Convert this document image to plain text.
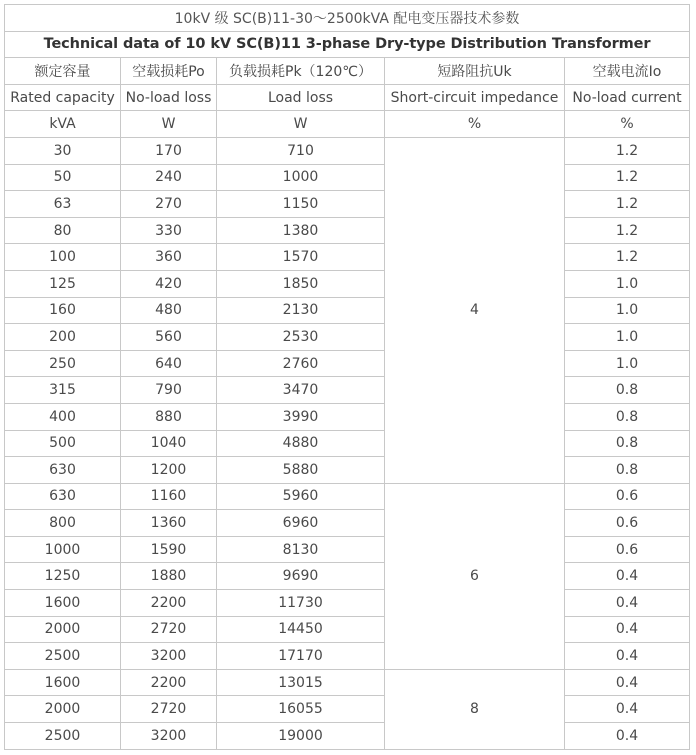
10kV 级 SC(B)11-30～2500kVA 配电变压器技术参数				
Technical data of 10 kV SC(B)11 3-phase Dry-type Distribution Transformer				
额定容量	空载损耗Po	负载损耗Pk（120℃）	短路阻抗Uk	空载电流Io
Rated capacity	No-load loss	Load loss	Short-circuit impedance	No-load current
kVA	W	W	%	%
30	170	710	4	1.2
50	240	1000		1.2
63	270	1150		1.2
80	330	1380		1.2
100	360	1570		1.2
125	420	1850		1.0
160	480	2130		1.0
200	560	2530		1.0
250	640	2760		1.0
315	790	3470		0.8
400	880	3990		0.8
500	1040	4880		0.8
630	1200	5880		0.8
630	1160	5960	6	0.6
800	1360	6960		0.6
1000	1590	8130		0.6
1250	1880	9690		0.4
1600	2200	11730		0.4
2000	2720	14450		0.4
2500	3200	17170		0.4
1600	2200	13015	8	0.4
2000	2720	16055		0.4
2500	3200	19000		0.4
